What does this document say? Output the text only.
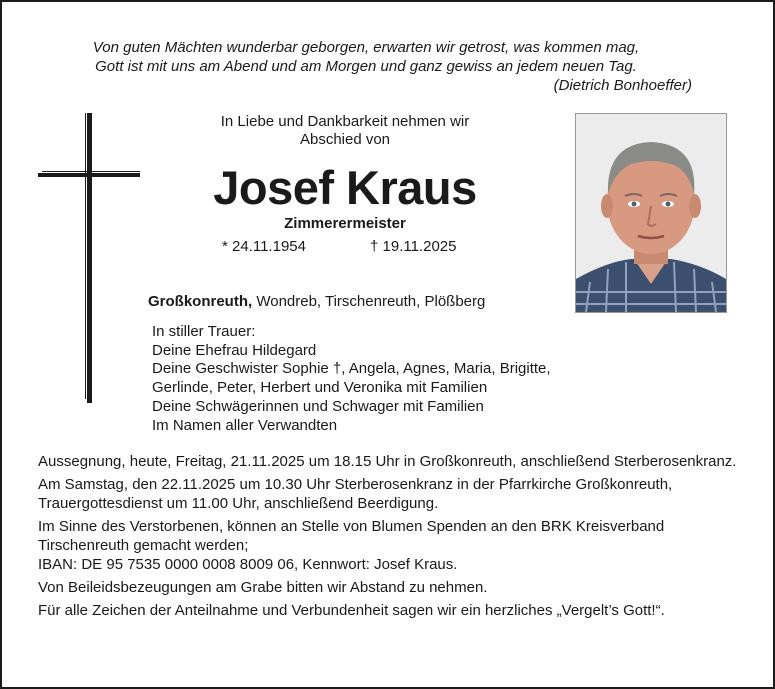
Von guten Mächten wunderbar geborgen, erwarten wir getrost, was kommen mag,
Gott ist mit uns am Abend und am Morgen und ganz gewiss an jedem neuen Tag.
(Dietrich Bonhoeffer)
In Liebe und Dankbarkeit nehmen wir
Abschied von
Josef Kraus
Zimmerermeister
* 24.11.1954	† 19.11.2025
Großkonreuth, Wondreb, Tirschenreuth, Plößberg
In stiller Trauer:
Deine Ehefrau Hildegard
Deine Geschwister Sophie †, Angela, Agnes, Maria, Brigitte,
Gerlinde, Peter, Herbert und Veronika mit Familien
Deine Schwägerinnen und Schwager mit Familien
Im Namen aller Verwandten

Aussegnung, heute, Freitag, 21.11.2025 um 18.15 Uhr in Großkonreuth, anschließend Sterberosenkranz.

Am Samstag, den 22.11.2025 um 10.30 Uhr Sterberosenkranz in der Pfarrkirche Großkonreuth, Trauergottesdienst um 11.00 Uhr, anschließend Beerdigung.

Im Sinne des Verstorbenen, können an Stelle von Blumen Spenden an den BRK Kreisverband Tirschenreuth gemacht werden;

IBAN: DE 95 7535 0000 0008 8009 06, Kennwort: Josef Kraus.

Von Beileidsbezeugungen am Grabe bitten wir Abstand zu nehmen.

Für alle Zeichen der Anteilnahme und Verbundenheit sagen wir ein herzliches „Vergelt’s Gott!“.
